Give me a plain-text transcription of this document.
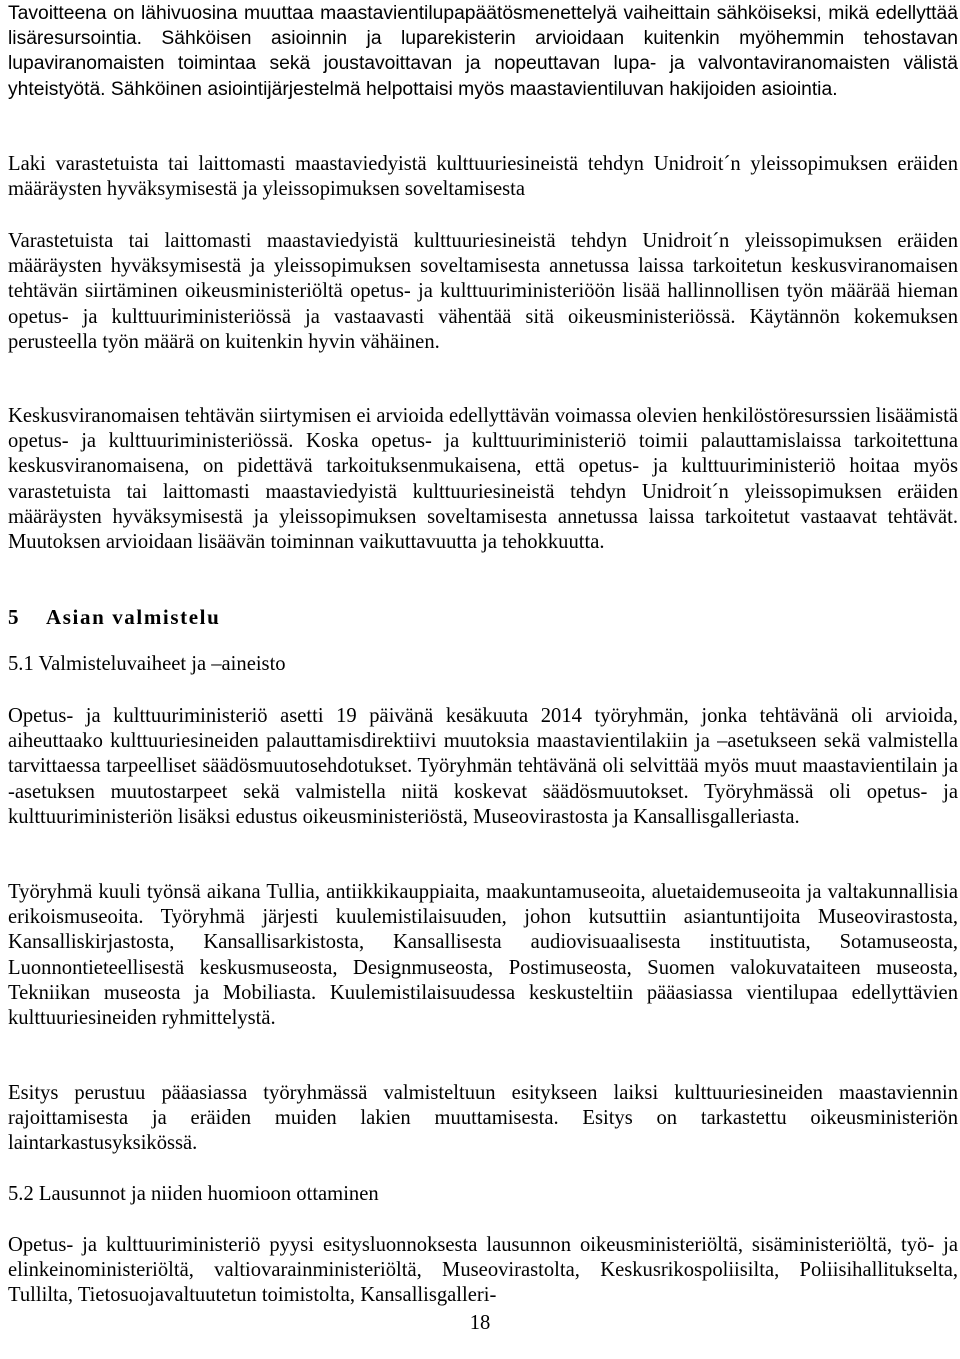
Tavoitteena on lähivuosina muuttaa maastavientilupapäätösmenettelyä vaiheittain sähköiseksi, mikä edellyttää lisäresursointia. Sähköisen asioinnin ja luparekisterin arvioidaan kuitenkin myöhemmin tehostavan lupaviranomaisten toimintaa sekä joustavoittavan ja nopeuttavan lupa- ja valvontaviranomaisten välistä yhteistyötä. Sähköinen asiointijärjestelmä helpottaisi myös maastavientiluvan hakijoiden asiointia.

Laki varastetuista tai laittomasti maastaviedyistä kulttuuriesineistä tehdyn Unidroit´n yleissopimuksen eräiden määräysten hyväksymisestä ja yleissopimuksen soveltamisesta

Varastetuista tai laittomasti maastaviedyistä kulttuuriesineistä tehdyn Unidroit´n yleissopimuksen eräiden määräysten hyväksymisestä ja yleissopimuksen soveltamisesta annetussa laissa tarkoitetun keskusviranomaisen tehtävän siirtäminen oikeusministeriöltä opetus- ja kulttuuriministeriöön lisää hallinnollisen työn määrää hieman opetus- ja kulttuuriministeriössä ja vastaavasti vähentää sitä oikeusministeriössä. Käytännön kokemuksen perusteella työn määrä on kuitenkin hyvin vähäinen.

Keskusviranomaisen tehtävän siirtymisen ei arvioida edellyttävän voimassa olevien henkilöstöresurssien lisäämistä opetus- ja kulttuuriministeriössä. Koska opetus- ja kulttuuriministeriö toimii palauttamislaissa tarkoitettuna keskusviranomaisena, on pidettävä tarkoituksenmukaisena, että opetus- ja kulttuuriministeriö hoitaa myös varastetuista tai laittomasti maastaviedyistä kulttuuriesineistä tehdyn Unidroit´n yleissopimuksen eräiden määräysten hyväksymisestä ja yleissopimuksen soveltamisesta annetussa laissa tarkoitetut vastaavat tehtävät. Muutoksen arvioidaan lisäävän toiminnan vaikuttavuutta ja tehokkuutta.

5 Asian valmistelu
5.1 Valmisteluvaiheet ja –aineisto

Opetus- ja kulttuuriministeriö asetti 19 päivänä kesäkuuta 2014 työryhmän, jonka tehtävänä oli arvioida, aiheuttaako kulttuuriesineiden palauttamisdirektiivi muutoksia maastavientilakiin ja –asetukseen sekä valmistella tarvittaessa tarpeelliset säädösmuutosehdotukset. Työryhmän tehtävänä oli selvittää myös muut maastavientilain ja -asetuksen muutostarpeet sekä valmistella niitä koskevat säädösmuutokset. Työryhmässä oli opetus- ja kulttuuriministeriön lisäksi edustus oikeusministeriöstä, Museovirastosta ja Kansallisgalleriasta.

Työryhmä kuuli työnsä aikana Tullia, antiikkikauppiaita, maakuntamuseoita, aluetaidemuseoita ja valtakunnallisia erikoismuseoita. Työryhmä järjesti kuulemistilaisuuden, johon kutsuttiin asiantuntijoita Museovirastosta, Kansalliskirjastosta, Kansallisarkistosta, Kansallisesta audiovisuaalisesta instituutista, Sotamuseosta, Luonnontieteellisestä keskusmuseosta, Designmuseosta, Postimuseosta, Suomen valokuvataiteen museosta, Tekniikan museosta ja Mobiliasta. Kuulemistilaisuudessa keskusteltiin pääasiassa vientilupaa edellyttävien kulttuuriesineiden ryhmittelystä.

Esitys perustuu pääasiassa työryhmässä valmisteltuun esitykseen laiksi kulttuuriesineiden maastaviennin rajoittamisesta ja eräiden muiden lakien muuttamisesta. Esitys on tarkastettu oikeusministeriön laintarkastusyksikössä.

5.2 Lausunnot ja niiden huomioon ottaminen

Opetus- ja kulttuuriministeriö pyysi esitysluonnoksesta lausunnon oikeusministeriöltä, sisäministeriöltä, työ- ja elinkeinoministeriöltä, valtiovarainministeriöltä, Museovirastolta, Keskusrikospoliisilta, Poliisihallitukselta, Tullilta, Tietosuojavaltuutetun toimistolta, Kansallisgalleri-

18
